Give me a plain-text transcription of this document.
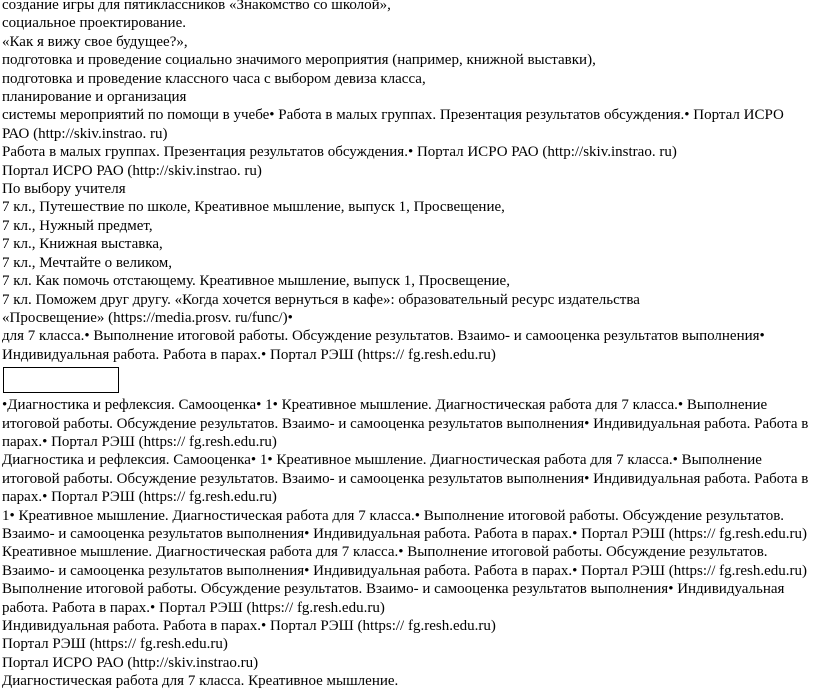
создание игры для пятиклассников «Знакомство со школой»,
социальное проектирование.
«Как я вижу свое будущее?»,
подготовка и проведение социально значимого мероприятия (например, книжной выставки),
подготовка и проведение классного часа с выбором девиза класса,
планирование и организация
системы мероприятий по помощи в учебе• Работа в малых группах. Презентация результатов обсуждения.• Портал ИСРО РАО (http://skiv.instrao. ru)
Работа в малых группах. Презентация результатов обсуждения.• Портал ИСРО РАО (http://skiv.instrao. ru)
Портал ИСРО РАО (http://skiv.instrao. ru)
По выбору учителя
7 кл., Путешествие по школе, Креативное мышление, выпуск 1, Просвещение,
7 кл., Нужный предмет,
7 кл., Книжная выставка,
7 кл., Мечтайте о великом,
7 кл. Как помочь отстающему. Креативное мышление, выпуск 1, Просвещение,
7 кл. Поможем друг другу. «Когда хочется вернуться в кафе»: образовательный ресурс издательства
«Просвещение» (https://media.prosv. ru/func/)•
для 7 класса.• Выполнение итоговой работы. Обсуждение результатов. Взаимо- и самооценка результатов выполнения• Индивидуальная работа. Работа в парах.• Портал РЭШ (https:// fg.resh.edu.ru)
•Диагностика и рефлексия. Самооценка• 1• Креативное мышление. Диагностическая работа для 7 класса.• Выполнение итоговой работы. Обсуждение результатов. Взаимо- и самооценка результатов выполнения• Индивидуальная работа. Работа в парах.• Портал РЭШ (https:// fg.resh.edu.ru)
Диагностика и рефлексия. Самооценка• 1• Креативное мышление. Диагностическая работа для 7 класса.• Выполнение итоговой работы. Обсуждение результатов. Взаимо- и самооценка результатов выполнения• Индивидуальная работа. Работа в парах.• Портал РЭШ (https:// fg.resh.edu.ru)
1• Креативное мышление. Диагностическая работа для 7 класса.• Выполнение итоговой работы. Обсуждение результатов. Взаимо- и самооценка результатов выполнения• Индивидуальная работа. Работа в парах.• Портал РЭШ (https:// fg.resh.edu.ru)
Креативное мышление. Диагностическая работа для 7 класса.• Выполнение итоговой работы. Обсуждение результатов. Взаимо- и самооценка результатов выполнения• Индивидуальная работа. Работа в парах.• Портал РЭШ (https:// fg.resh.edu.ru)
Выполнение итоговой работы. Обсуждение результатов. Взаимо- и самооценка результатов выполнения• Индивидуальная работа. Работа в парах.• Портал РЭШ (https:// fg.resh.edu.ru)
Индивидуальная работа. Работа в парах.• Портал РЭШ (https:// fg.resh.edu.ru)
Портал РЭШ (https:// fg.resh.edu.ru)
Портал ИСРО РАО (http://skiv.instrao.ru)
Диагностическая работа для 7 класса. Креативное мышление.
